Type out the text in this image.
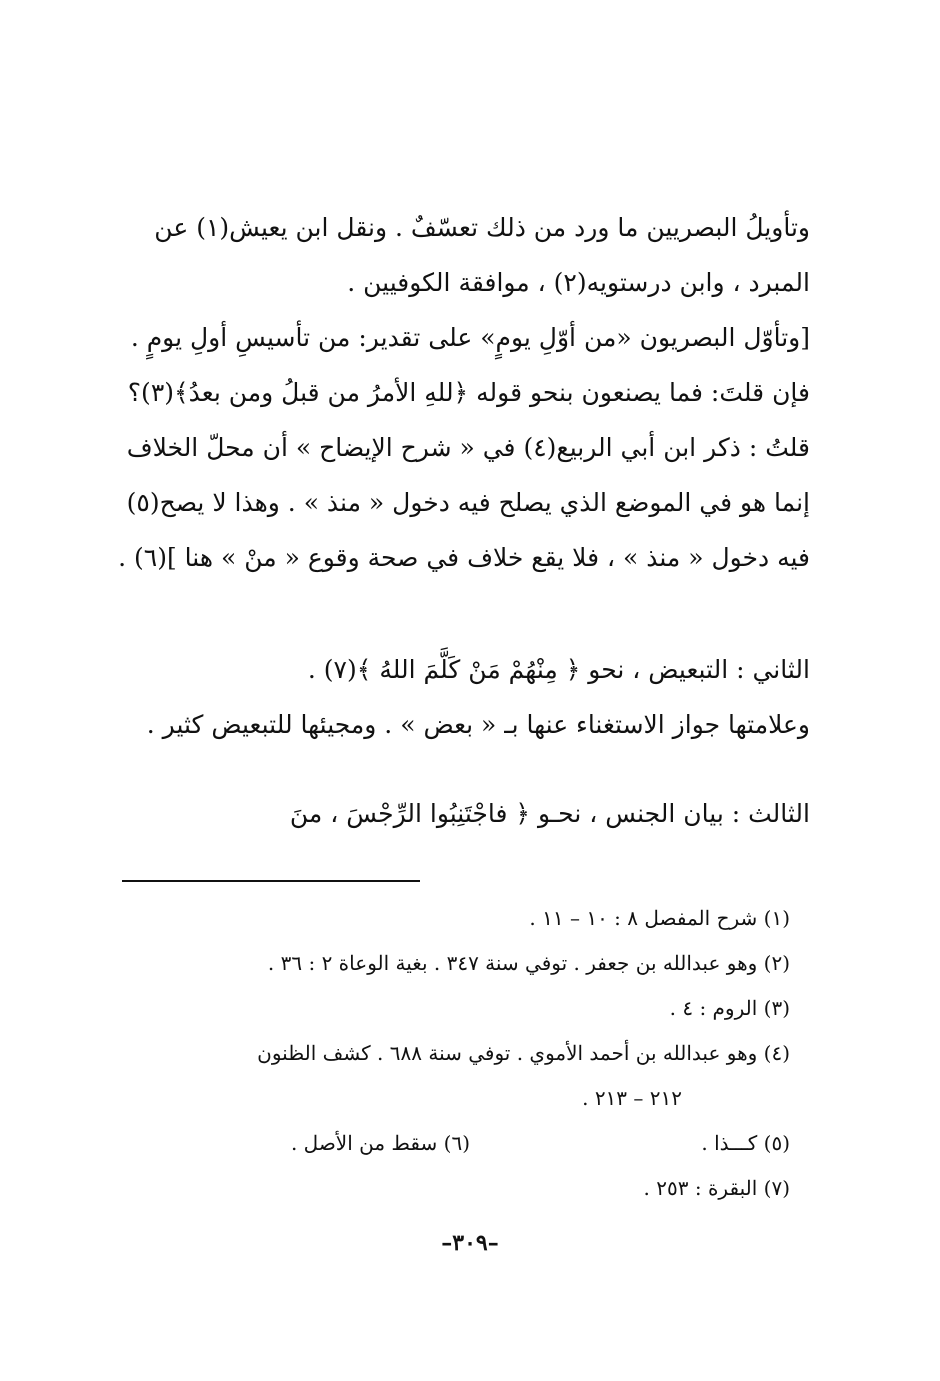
وتأويلُ البصريين ما ورد من ذلك تعسّفٌ . ونقل ابن يعيش(١) عن
المبرد ، وابن درستويه(٢) ، موافقة الكوفيين .
[وتأوّل البصريون «من أوّلِ يومٍ» على تقدير: من تأسيسِ أولِ يومٍ .
فإن قلتَ: فما يصنعون بنحو قوله ﴿للهِ الأمرُ من قبلُ ومن بعدُ﴾(٣)؟
قلتُ : ذكر ابن أبي الربيع(٤) في « شرح الإيضاح » أن محلّ الخلاف
إنما هو في الموضع الذي يصلح فيه دخول « منذ » . وهذا لا يصح(٥)
فيه دخول « منذ » ، فلا يقع خلاف في صحة وقوع « منْ » هنا ](٦) .
الثاني : التبعيض ، نحو ﴿ مِنْهُمْ مَنْ كَلَّمَ اللهُ ﴾(٧) .
وعلامتها جواز الاستغناء عنها بـ « بعض » . ومجيئها للتبعيض كثير .
الثالث : بيان الجنس ، نحـو ﴿ فاجْتَنِبُوا الرِّجْسَ ، منَ
(١) شرح المفصل ٨ : ١٠ – ١١ .
(٢) وهو عبدالله بن جعفر . توفي سنة ٣٤٧ . بغية الوعاة ٢ : ٣٦ .
(٣) الروم : ٤ .
(٤) وهو عبدالله بن أحمد الأموي . توفي سنة ٦٨٨ . كشف الظنون
٢١٢ – ٢١٣ .
(٥) كـــذا .
(٦) سقط من الأصل .
(٧) البقرة : ٢٥٣ .
–٣٠٩–
